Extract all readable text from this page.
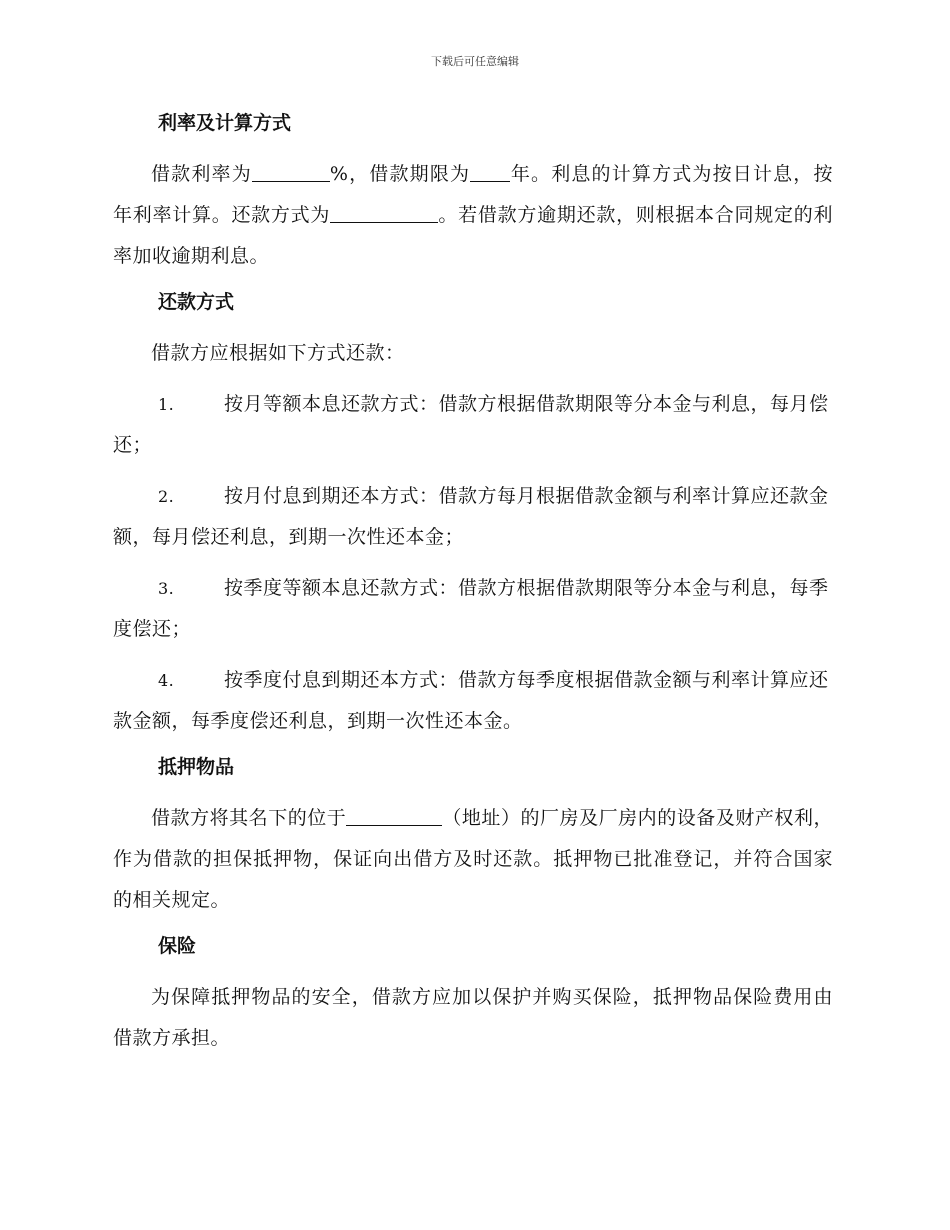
下载后可任意编辑
利率及计算方式
借款利率为	%，借款期限为 年。利息的计算方式为按日计息，按年利率计算。还款方式为	。若借款方逾期还款，则根据本合同规定的利率加收逾期利息。
还款方式
借款方应根据如下方式还款：
1.	按月等额本息还款方式：借款方根据借款期限等分本金与利息，每月偿还；
2.	按月付息到期还本方式：借款方每月根据借款金额与利率计算应还款金额，每月偿还利息，到期一次性还本金；
3.	按季度等额本息还款方式：借款方根据借款期限等分本金与利息，每季度偿还；
4.	按季度付息到期还本方式：借款方每季度根据借款金额与利率计算应还款金额，每季度偿还利息，到期一次性还本金。
抵押物品
借款方将其名下的位于	（地址）的厂房及厂房内的设备及财产权利，作为借款的担保抵押物，保证向出借方及时还款。抵押物已批准登记，并符合国家的相关规定。
保险
为保障抵押物品的安全，借款方应加以保护并购买保险，抵押物品保险费用由借款方承担。
